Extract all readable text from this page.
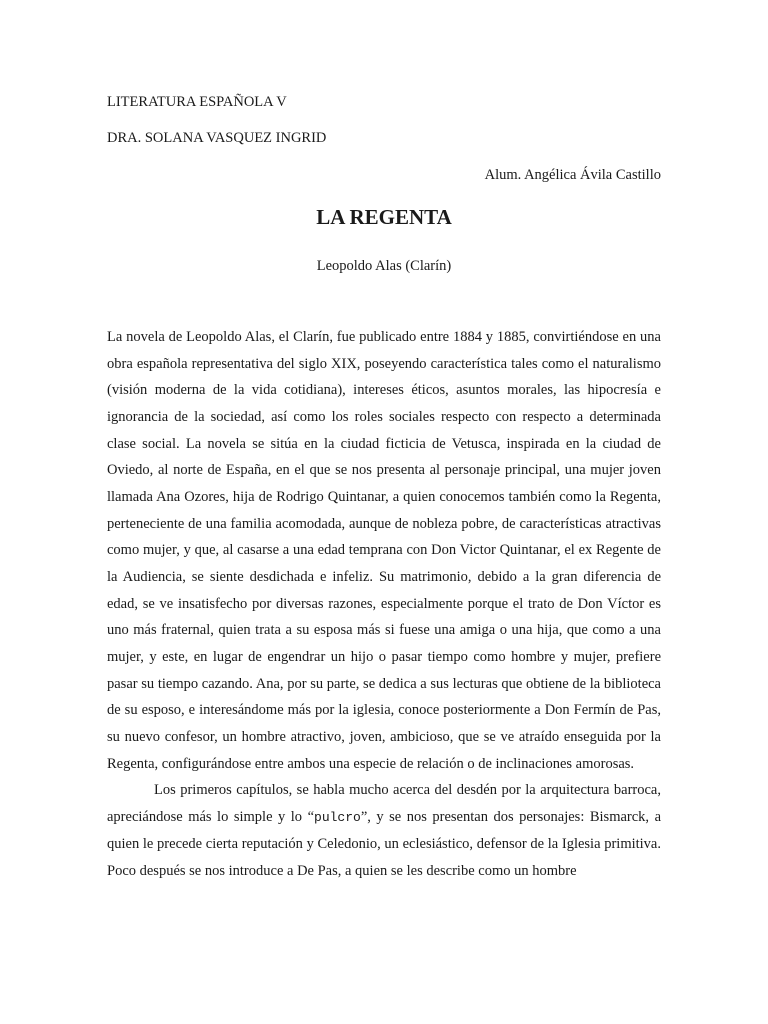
LITERATURA ESPAÑOLA V

DRA. SOLANA VASQUEZ INGRID

Alum. Angélica Ávila Castillo

LA REGENTA

Leopoldo Alas (Clarín)

La novela de Leopoldo Alas, el Clarín, fue publicado entre 1884 y 1885, convirtiéndose en una obra española representativa del siglo XIX, poseyendo característica tales como el naturalismo (visión moderna de la vida cotidiana), intereses éticos, asuntos morales, las hipocresía e ignorancia de la sociedad, así como los roles sociales respecto con respecto a determinada clase social. La novela se sitúa en la ciudad ficticia de Vetusca, inspirada en la ciudad de Oviedo, al norte de España, en el que se nos presenta al personaje principal, una mujer joven llamada Ana Ozores, hija de Rodrigo Quintanar, a quien conocemos también como la Regenta, perteneciente de una familia acomodada, aunque de nobleza pobre, de características atractivas como mujer, y que, al casarse a una edad temprana con Don Victor Quintanar, el ex Regente de la Audiencia, se siente desdichada e infeliz. Su matrimonio, debido a la gran diferencia de edad, se ve insatisfecho por diversas razones, especialmente porque el trato de Don Víctor es uno más fraternal, quien trata a su esposa más si fuese una amiga o una hija, que como a una mujer, y este, en lugar de engendrar un hijo o pasar tiempo como hombre y mujer, prefiere pasar su tiempo cazando. Ana, por su parte, se dedica a sus lecturas que obtiene de la biblioteca de su esposo, e interesándome más por la iglesia, conoce posteriormente a Don Fermín de Pas, su nuevo confesor, un hombre atractivo, joven, ambicioso, que se ve atraído enseguida por la Regenta, configurándose entre ambos una especie de relación o de inclinaciones amorosas.

Los primeros capítulos, se habla mucho acerca del desdén por la arquitectura barroca, apreciándose más lo simple y lo “pulcro”, y se nos presentan dos personajes: Bismarck, a quien le precede cierta reputación y Celedonio, un eclesiástico, defensor de la Iglesia primitiva. Poco después se nos introduce a De Pas, a quien se les describe como un hombre
